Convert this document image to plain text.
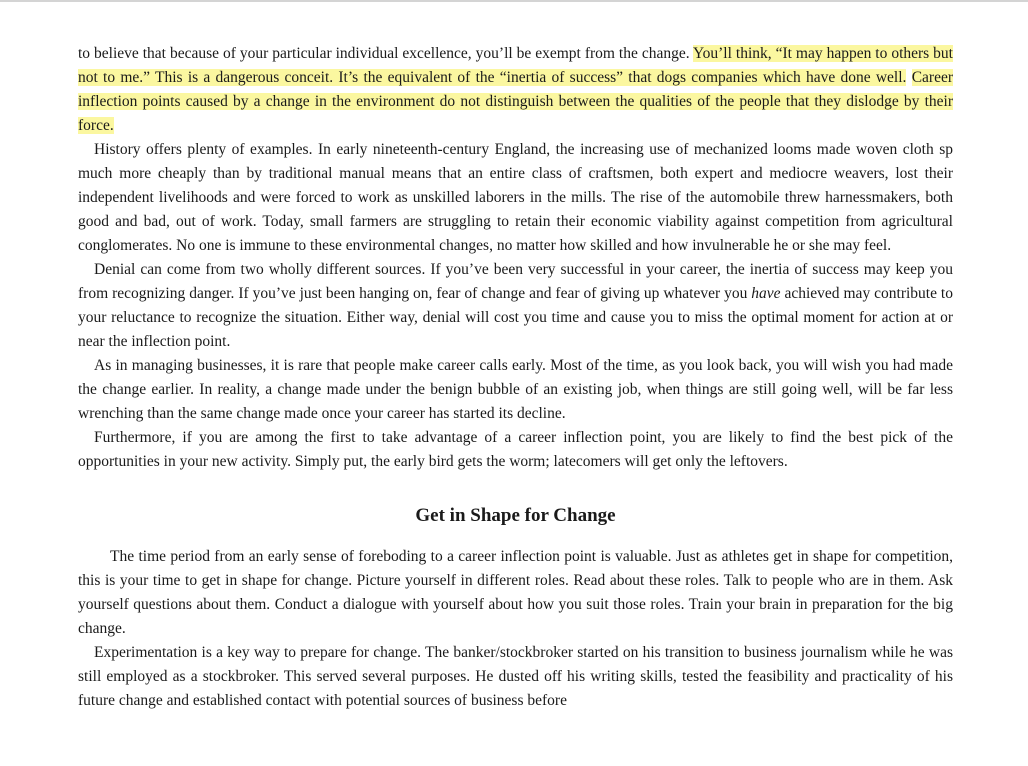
to believe that because of your particular individual excellence, you’ll be exempt from the change. You’ll think, “It may happen to others but not to me.” This is a dangerous conceit. It’s the equivalent of the “inertia of success” that dogs companies which have done well. Career inflection points caused by a change in the environment do not distinguish between the qualities of the people that they dislodge by their force.

History offers plenty of examples. In early nineteenth-century England, the increasing use of mechanized looms made woven cloth sp much more cheaply than by traditional manual means that an entire class of craftsmen, both expert and mediocre weavers, lost their independent livelihoods and were forced to work as unskilled laborers in the mills. The rise of the automobile threw harnessmakers, both good and bad, out of work. Today, small farmers are struggling to retain their economic viability against competition from agricultural conglomerates. No one is immune to these environmental changes, no matter how skilled and how invulnerable he or she may feel.

Denial can come from two wholly different sources. If you’ve been very successful in your career, the inertia of success may keep you from recognizing danger. If you’ve just been hanging on, fear of change and fear of giving up whatever you have achieved may contribute to your reluctance to recognize the situation. Either way, denial will cost you time and cause you to miss the optimal moment for action at or near the inflection point.

As in managing businesses, it is rare that people make career calls early. Most of the time, as you look back, you will wish you had made the change earlier. In reality, a change made under the benign bubble of an existing job, when things are still going well, will be far less wrenching than the same change made once your career has started its decline.

Furthermore, if you are among the first to take advantage of a career inflection point, you are likely to find the best pick of the opportunities in your new activity. Simply put, the early bird gets the worm; latecomers will get only the leftovers.

Get in Shape for Change

The time period from an early sense of foreboding to a career inflection point is valuable. Just as athletes get in shape for competition, this is your time to get in shape for change. Picture yourself in different roles. Read about these roles. Talk to people who are in them. Ask yourself questions about them. Conduct a dialogue with yourself about how you suit those roles. Train your brain in preparation for the big change.

Experimentation is a key way to prepare for change. The banker/stockbroker started on his transition to business journalism while he was still employed as a stockbroker. This served several purposes. He dusted off his writing skills, tested the feasibility and practicality of his future change and established contact with potential sources of business before
